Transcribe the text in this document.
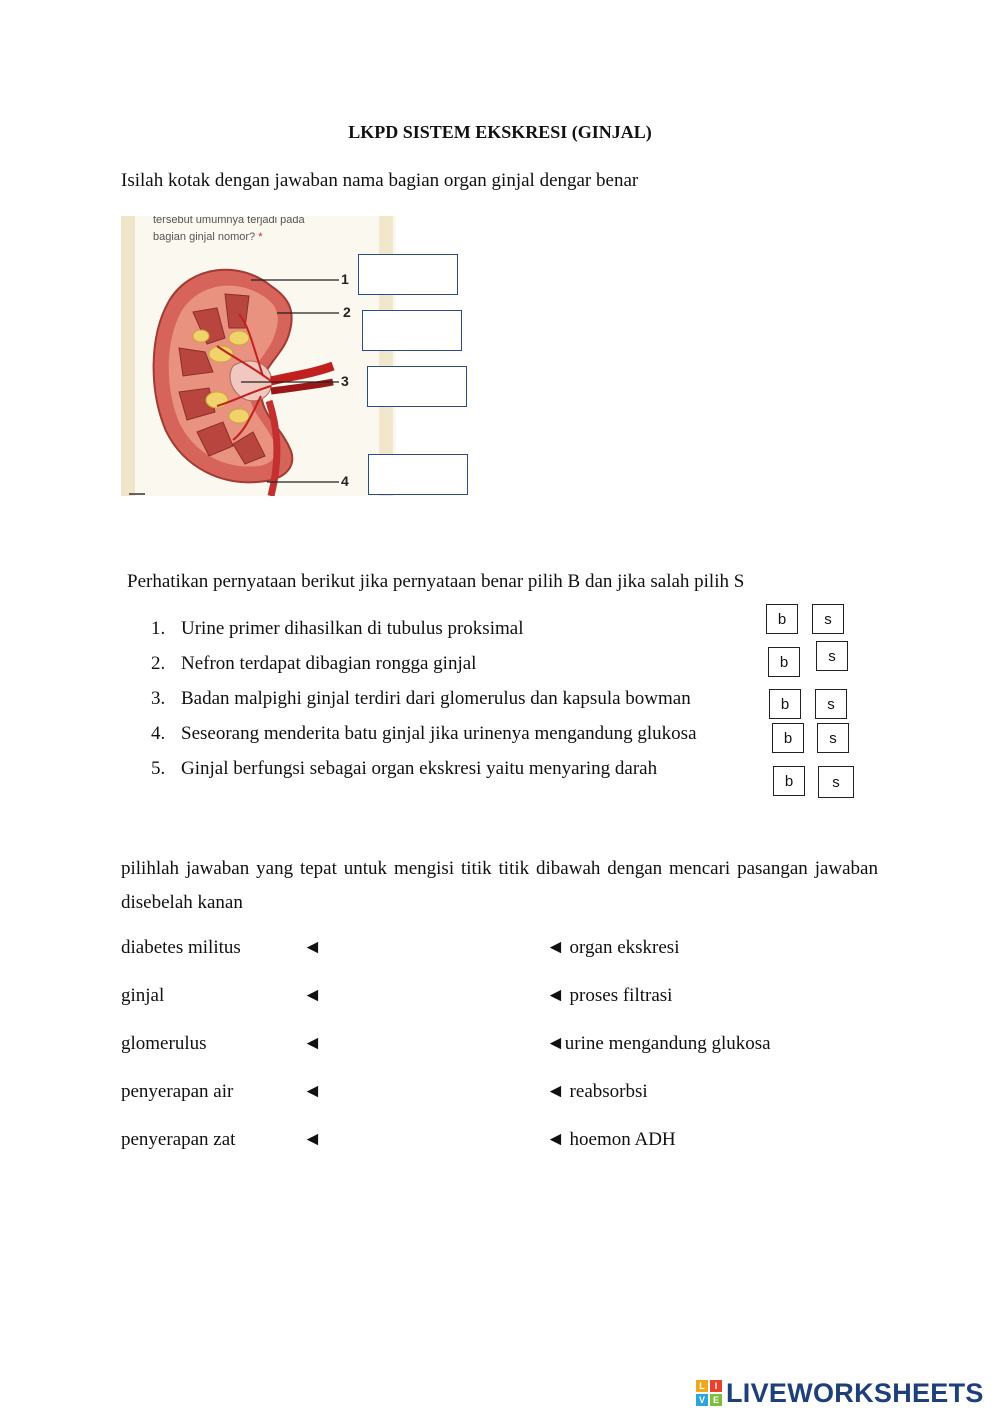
LKPD SISTEM EKSKRESI (GINJAL)
Isilah kotak dengan jawaban nama bagian organ ginjal dengar benar
tersebut umumnya terjadi pada
bagian ginjal nomor? *
1
2
3
4
Perhatikan pernyataan berikut jika pernyataan benar pilih B dan jika salah pilih S
1. Urine primer dihasilkan di tubulus proksimal
2. Nefron terdapat dibagian rongga ginjal
3. Badan malpighi ginjal terdiri dari glomerulus dan kapsula bowman
4. Seseorang menderita batu ginjal jika urinenya mengandung glukosa
5. Ginjal berfungsi sebagai organ ekskresi yaitu menyaring darah
b	s
b	s
b	s
b	s
b	s
pilihlah jawaban yang tepat untuk mengisi titik titik dibawah dengan mencari pasangan jawaban disebelah kanan
diabetes militus	◄	◄ organ ekskresi
ginjal	◄	◄ proses filtrasi
glomerulus	◄	◄urine mengandung glukosa
penyerapan air	◄	◄ reabsorbsi
penyerapan zat	◄	◄ hoemon ADH
L	I
V E LIVEWORKSHEETS
